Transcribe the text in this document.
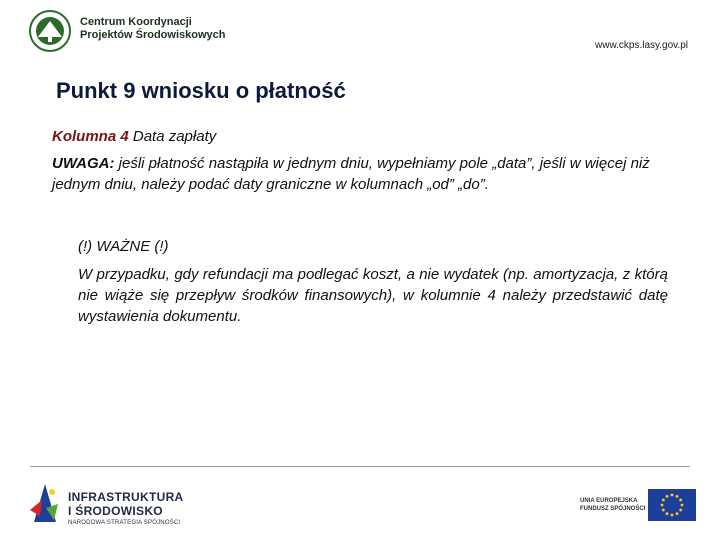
Centrum Koordynacji
Projektów Środowiskowych
www.ckps.lasy.gov.pl
Punkt 9 wniosku o płatność
Kolumna 4 Data zapłaty
UWAGA: jeśli płatność nastąpiła w jednym dniu, wypełniamy pole „data”, jeśli w więcej niż jednym dniu, należy podać daty graniczne w kolumnach „od” „do”.
(!) WAŻNE (!)
W przypadku, gdy refundacji ma podlegać koszt, a nie wydatek (np. amortyzacja, z którą nie wiąże się przepływ środków finansowych), w kolumnie 4 należy przedstawić datę wystawienia dokumentu.
INFRASTRUKTURA
I ŚRODOWISKO
NARODOWA STRATEGIA SPÓJNOŚCI
UNIA EUROPEJSKA
FUNDUSZ SPÓJNOŚCI
